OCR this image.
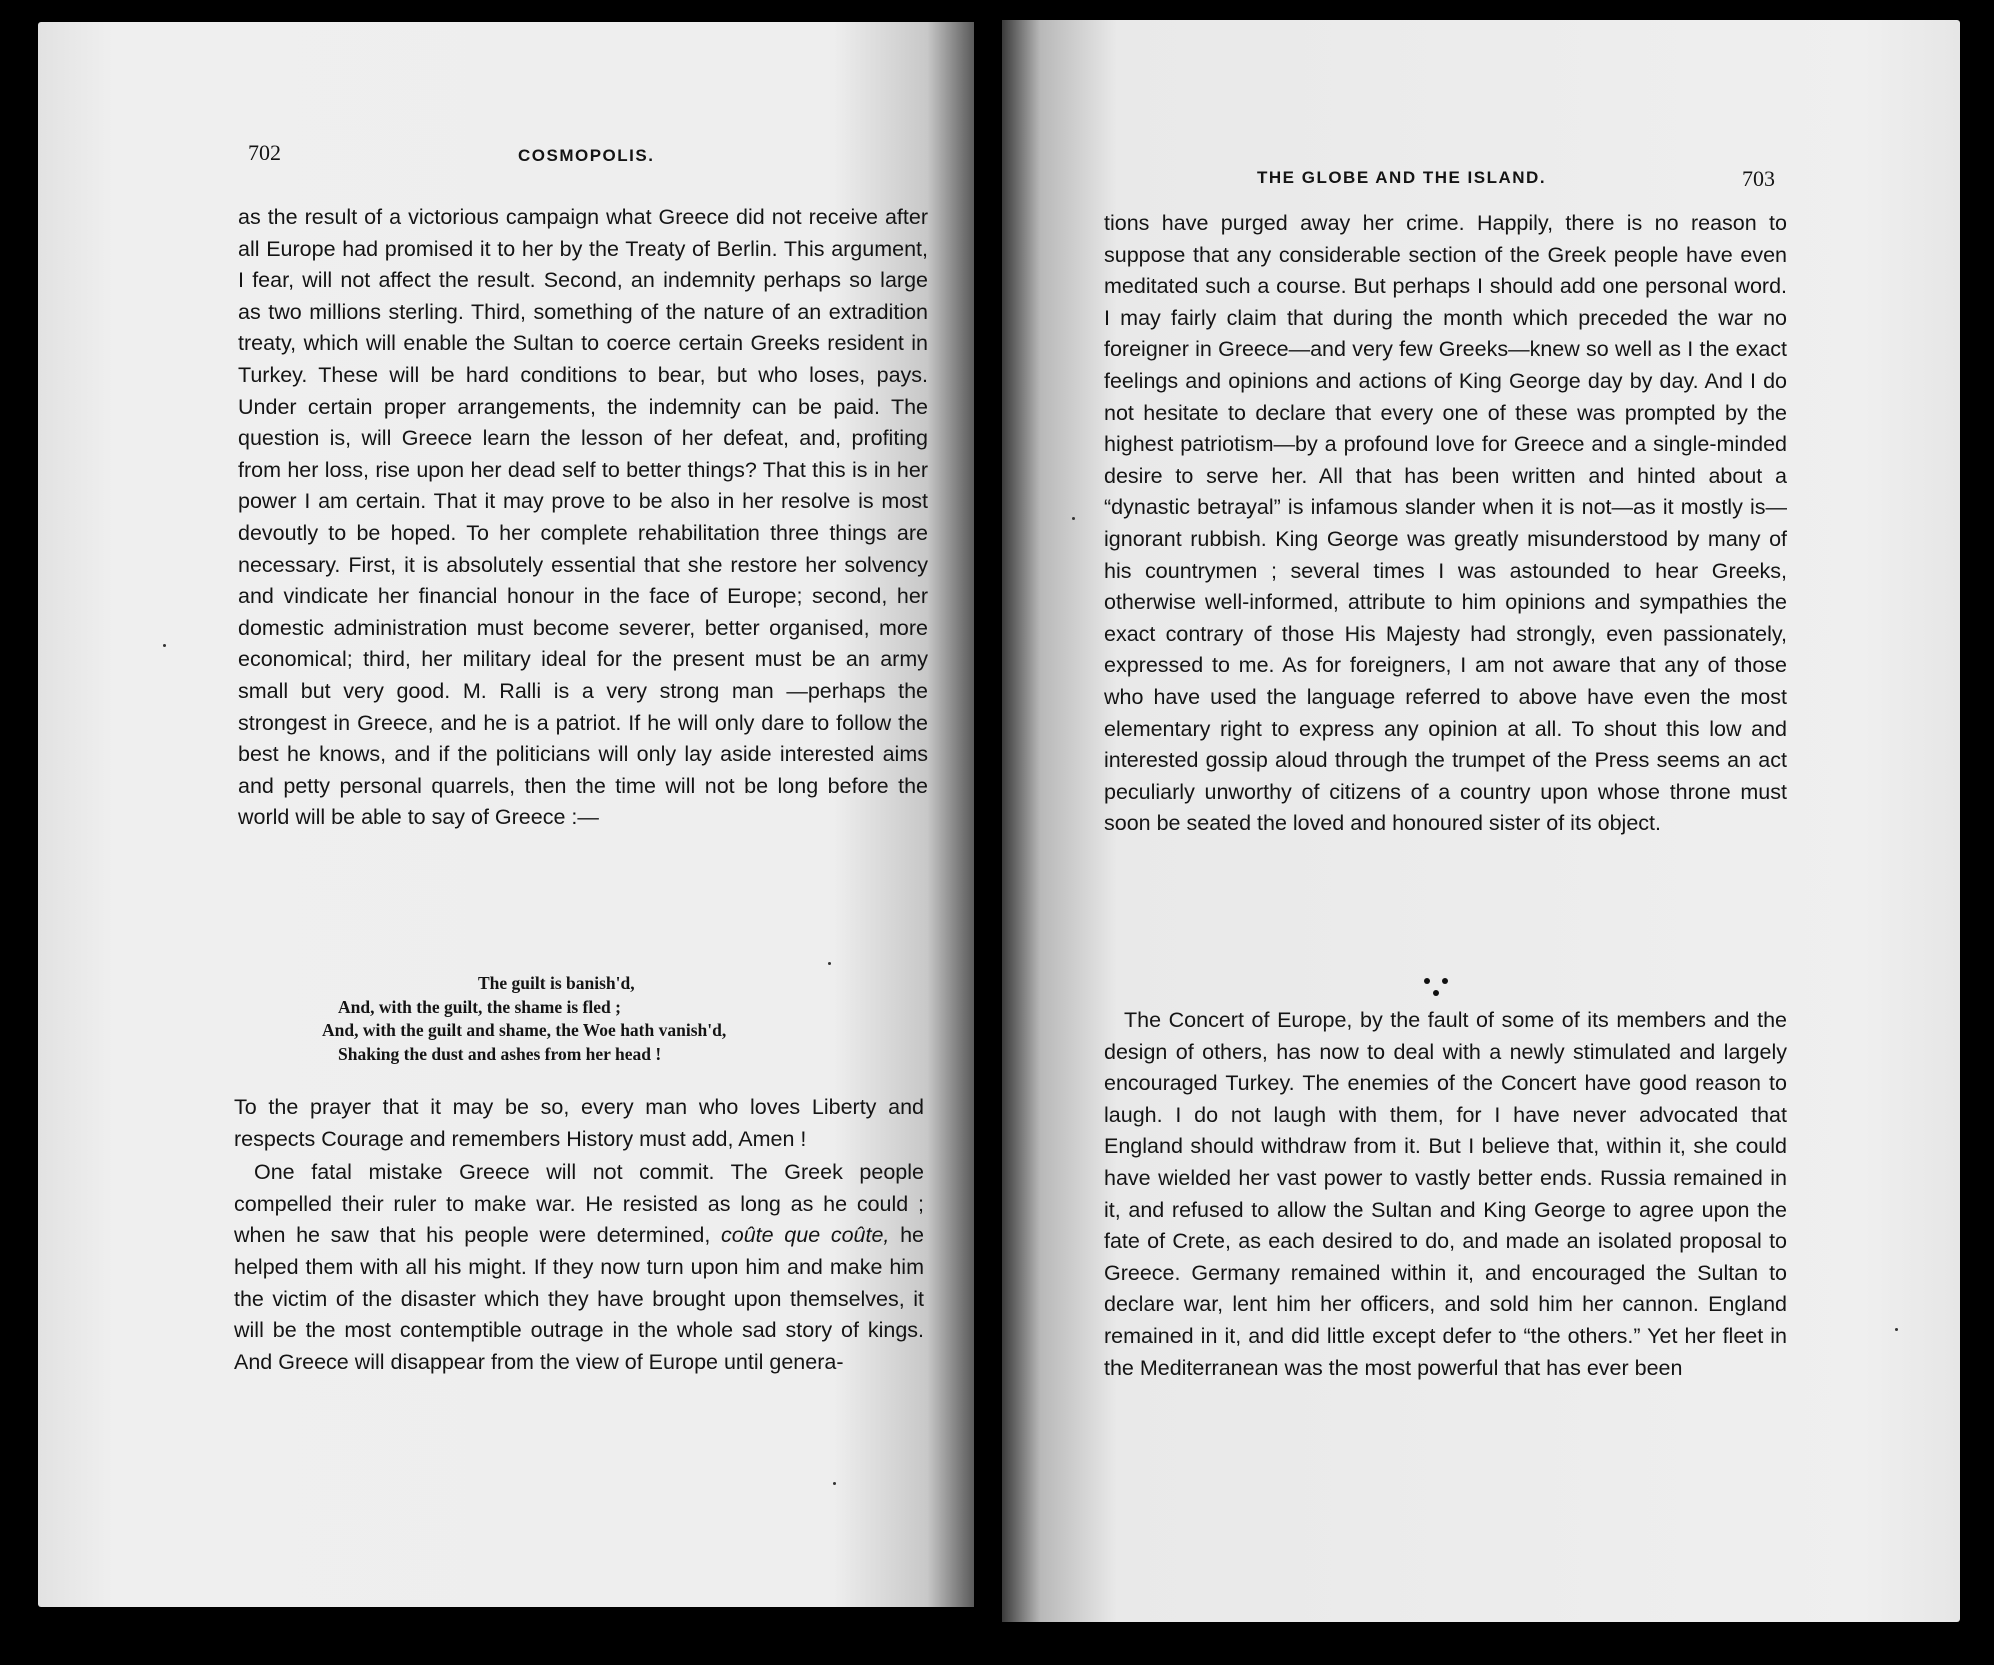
702	COSMOPOLIS.

as the result of a victorious campaign what Greece did not receive after all Europe had promised it to her by the Treaty of Berlin. This argument, I fear, will not affect the result. Second, an indemnity perhaps so large as two millions sterling. Third, something of the nature of an extradition treaty, which will enable the Sultan to coerce certain Greeks resident in Turkey. These will be hard conditions to bear, but who loses, pays. Under certain proper arrangements, the indemnity can be paid. The question is, will Greece learn the lesson of her defeat, and, profiting from her loss, rise upon her dead self to better things? That this is in her power I am certain. That it may prove to be also in her resolve is most devoutly to be hoped. To her complete rehabilitation three things are necessary. First, it is absolutely essential that she restore her solvency and vindicate her financial honour in the face of Europe; second, her domestic administration must become severer, better organised, more economical; third, her military ideal for the present must be an army small but very good. M. Ralli is a very strong man —perhaps the strongest in Greece, and he is a patriot. If he will only dare to follow the best he knows, and if the politicians will only lay aside interested aims and petty personal quarrels, then the time will not be long before the world will be able to say of Greece :—

The guilt is banish'd,
And, with the guilt, the shame is fled ;
And, with the guilt and shame, the Woe hath vanish'd,
Shaking the dust and ashes from her head !

To the prayer that it may be so, every man who loves Liberty and respects Courage and remembers History must add, Amen !

One fatal mistake Greece will not commit. The Greek people compelled their ruler to make war. He resisted as long as he could ; when he saw that his people were determined, coûte que coûte, he helped them with all his might. If they now turn upon him and make him the victim of the disaster which they have brought upon themselves, it will be the most contemptible outrage in the whole sad story of kings. And Greece will disappear from the view of Europe until genera-

THE GLOBE AND THE ISLAND.	703

tions have purged away her crime. Happily, there is no reason to suppose that any considerable section of the Greek people have even meditated such a course. But perhaps I should add one personal word. I may fairly claim that during the month which preceded the war no foreigner in Greece—and very few Greeks—knew so well as I the exact feelings and opinions and actions of King George day by day. And I do not hesitate to declare that every one of these was prompted by the highest patriotism—by a profound love for Greece and a single-minded desire to serve her. All that has been written and hinted about a “dynastic betrayal” is infamous slander when it is not—as it mostly is—ignorant rubbish. King George was greatly misunderstood by many of his countrymen ; several times I was astounded to hear Greeks, otherwise well-informed, attribute to him opinions and sympathies the exact contrary of those His Majesty had strongly, even passionately, expressed to me. As for foreigners, I am not aware that any of those who have used the language referred to above have even the most elementary right to express any opinion at all. To shout this low and interested gossip aloud through the trumpet of the Press seems an act peculiarly unworthy of citizens of a country upon whose throne must soon be seated the loved and honoured sister of its object.

The Concert of Europe, by the fault of some of its members and the design of others, has now to deal with a newly stimulated and largely encouraged Turkey. The enemies of the Concert have good reason to laugh. I do not laugh with them, for I have never advocated that England should withdraw from it. But I believe that, within it, she could have wielded her vast power to vastly better ends. Russia remained in it, and refused to allow the Sultan and King George to agree upon the fate of Crete, as each desired to do, and made an isolated proposal to Greece. Germany remained within it, and encouraged the Sultan to declare war, lent him her officers, and sold him her cannon. England remained in it, and did little except defer to “the others.” Yet her fleet in the Mediterranean was the most powerful that has ever been
